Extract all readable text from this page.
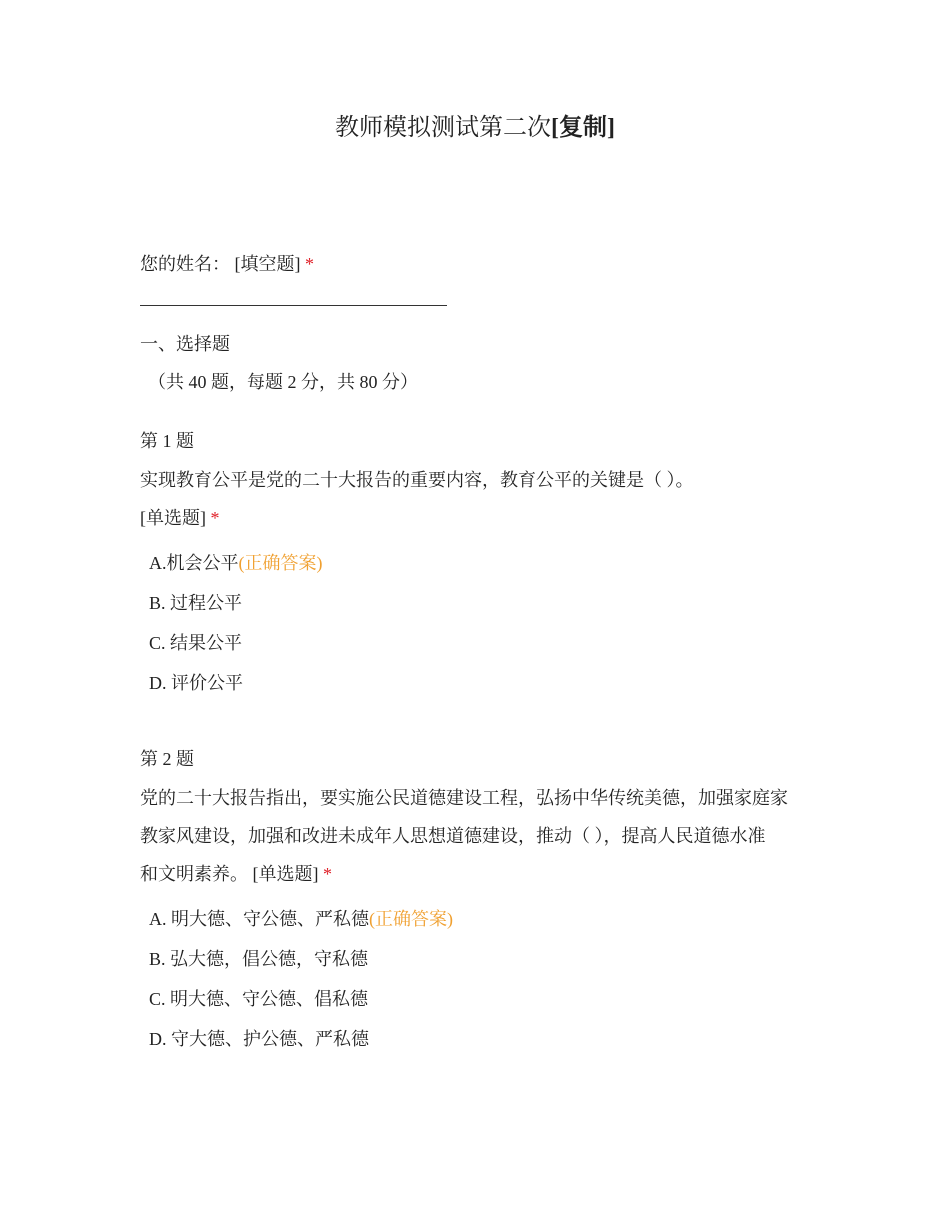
教师模拟测试第二次[复制]
您的姓名： [填空题] *
一、选择题
（共 40 题，每题 2 分，共 80 分）
第 1 题
实现教育公平是党的二十大报告的重要内容，教育公平的关键是（ ）。
[单选题] *
A.机会公平(正确答案)
B. 过程公平
C. 结果公平
D. 评价公平
第 2 题
党的二十大报告指出，要实施公民道德建设工程，弘扬中华传统美德，加强家庭家
教家风建设，加强和改进未成年人思想道德建设，推动（ ），提高人民道德水准
和文明素养。 [单选题] *
A. 明大德、守公德、严私德(正确答案)
B. 弘大德，倡公德，守私德
C. 明大德、守公德、倡私德
D. 守大德、护公德、严私德
